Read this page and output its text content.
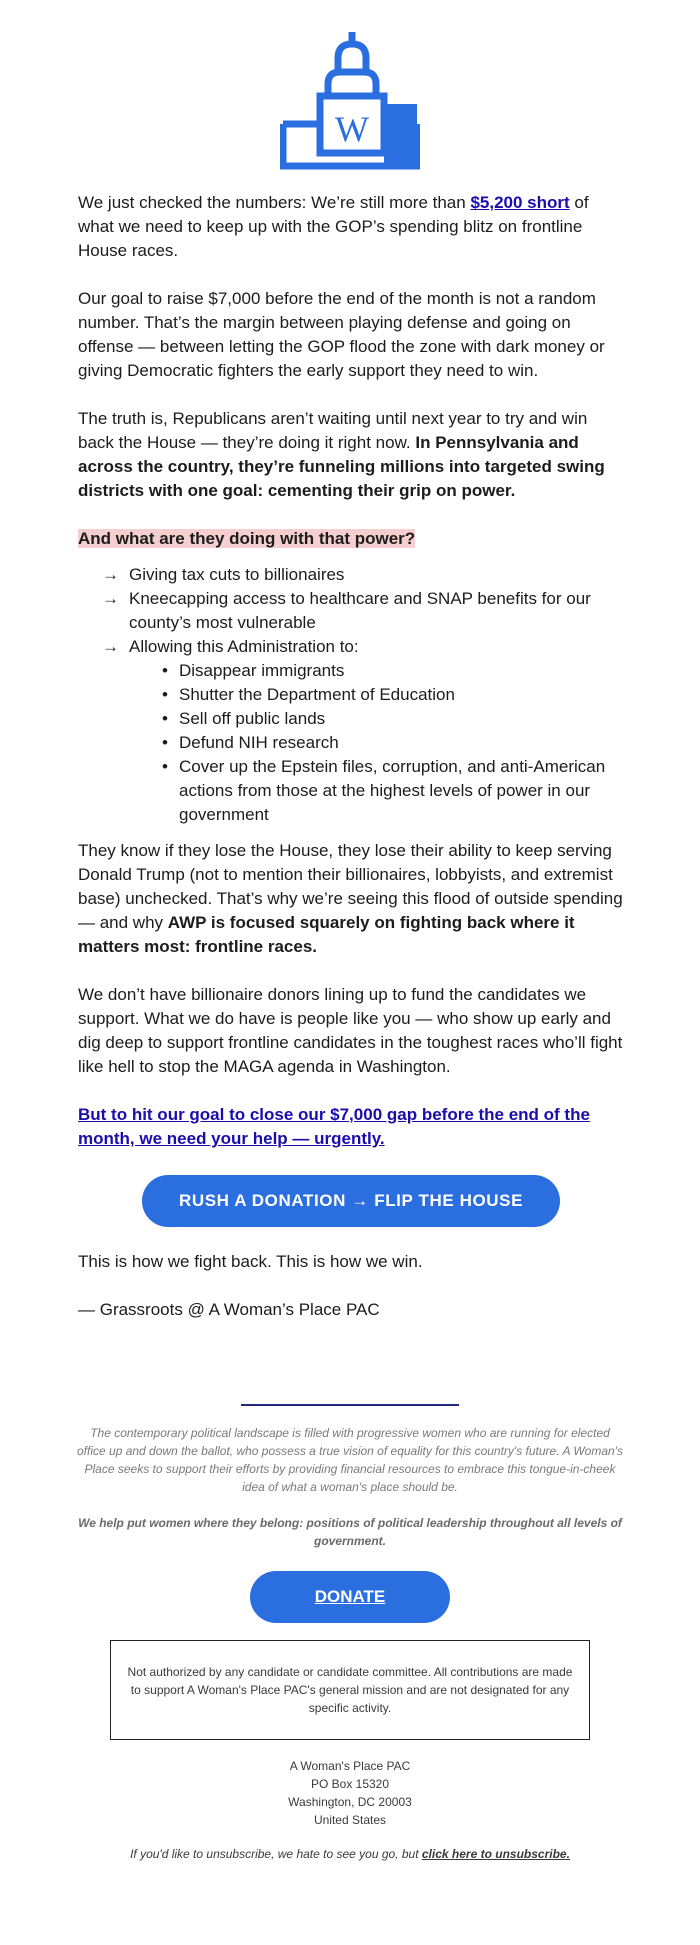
W

We just checked the numbers: We’re still more than $5,200 short of what we need to keep up with the GOP’s spending blitz on frontline House races.

Our goal to raise $7,000 before the end of the month is not a random number. That’s the margin between playing defense and going on offense — between letting the GOP flood the zone with dark money or giving Democratic fighters the early support they need to win.

The truth is, Republicans aren’t waiting until next year to try and win back the House — they’re doing it right now. In Pennsylvania and across the country, they’re funneling millions into targeted swing districts with one goal: cementing their grip on power.

And what are they doing with that power?

→ Giving tax cuts to billionaires
→ Kneecapping access to healthcare and SNAP benefits for our county’s most vulnerable
→ Allowing this Administration to:
• Disappear immigrants
• Shutter the Department of Education
• Sell off public lands
• Defund NIH research
• Cover up the Epstein files, corruption, and anti-American actions from those at the highest levels of power in our government

They know if they lose the House, they lose their ability to keep serving Donald Trump (not to mention their billionaires, lobbyists, and extremist base) unchecked. That’s why we’re seeing this flood of outside spending — and why AWP is focused squarely on fighting back where it matters most: frontline races.

We don’t have billionaire donors lining up to fund the candidates we support. What we do have is people like you — who show up early and dig deep to support frontline candidates in the toughest races who’ll fight like hell to stop the MAGA agenda in Washington.

But to hit our goal to close our $7,000 gap before the end of the month, we need your help — urgently.

RUSH A DONATION → FLIP THE HOUSE

This is how we fight back. This is how we win.

— Grassroots @ A Woman’s Place PAC

The contemporary political landscape is filled with progressive women who are running for elected office up and down the ballot, who possess a true vision of equality for this country's future. A Woman's Place seeks to support their efforts by providing financial resources to embrace this tongue-in-cheek idea of what a woman's place should be.
We help put women where they belong: positions of political leadership throughout all levels of government.
DONATE
Not authorized by any candidate or candidate committee. All contributions are made to support A Woman's Place PAC's general mission and are not designated for any specific activity.
A Woman's Place PAC
PO Box 15320
Washington, DC 20003
United States
If you'd like to unsubscribe, we hate to see you go, but click here to unsubscribe.
